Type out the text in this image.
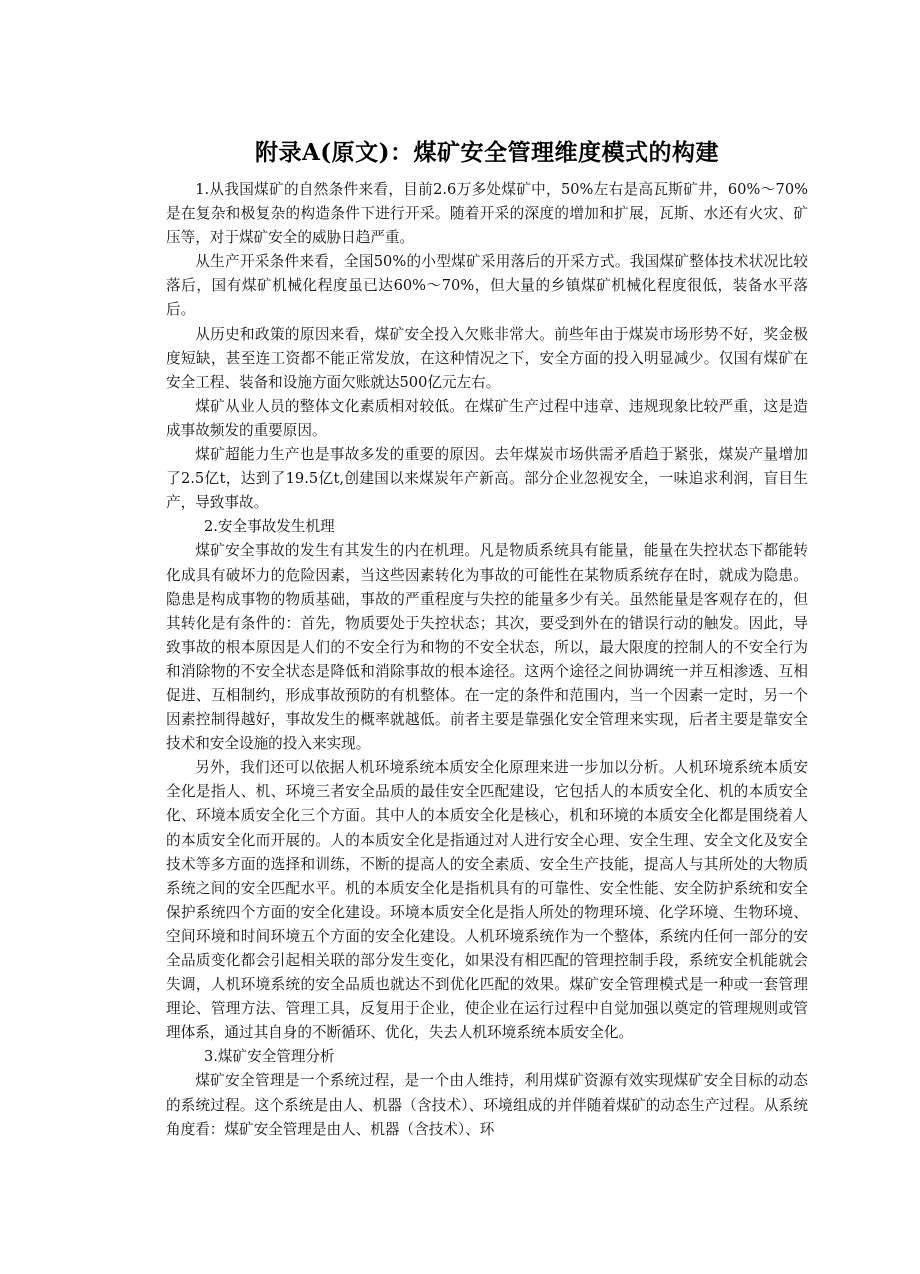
附录A(原文)：煤矿安全管理维度模式的构建

1.从我国煤矿的自然条件来看，目前2.6万多处煤矿中，50%左右是高瓦斯矿井，60%～70%是在复杂和极复杂的构造条件下进行开采。随着开采的深度的增加和扩展，瓦斯、水还有火灾、矿压等，对于煤矿安全的威胁日趋严重。

从生产开采条件来看，全国50%的小型煤矿采用落后的开采方式。我国煤矿整体技术状况比较落后，国有煤矿机械化程度虽已达60%～70%，但大量的乡镇煤矿机械化程度很低，装备水平落后。

从历史和政策的原因来看，煤矿安全投入欠账非常大。前些年由于煤炭市场形势不好，奖金极度短缺，甚至连工资都不能正常发放，在这种情况之下，安全方面的投入明显减少。仅国有煤矿在安全工程、装备和设施方面欠账就达500亿元左右。

煤矿从业人员的整体文化素质相对较低。在煤矿生产过程中违章、违规现象比较严重，这是造成事故频发的重要原因。

煤矿超能力生产也是事故多发的重要的原因。去年煤炭市场供需矛盾趋于紧张，煤炭产量增加了2.5亿t，达到了19.5亿t,创建国以来煤炭年产新高。部分企业忽视安全，一味追求利润，盲目生产，导致事故。

2.安全事故发生机理

煤矿安全事故的发生有其发生的内在机理。凡是物质系统具有能量，能量在失控状态下都能转化成具有破坏力的危险因素，当这些因素转化为事故的可能性在某物质系统存在时，就成为隐患。隐患是构成事物的物质基础，事故的严重程度与失控的能量多少有关。虽然能量是客观存在的，但其转化是有条件的：首先，物质要处于失控状态；其次，要受到外在的错误行动的触发。因此，导致事故的根本原因是人们的不安全行为和物的不安全状态，所以，最大限度的控制人的不安全行为和消除物的不安全状态是降低和消除事故的根本途径。这两个途径之间协调统一并互相渗透、互相促进、互相制约，形成事故预防的有机整体。在一定的条件和范围内，当一个因素一定时，另一个因素控制得越好，事故发生的概率就越低。前者主要是靠强化安全管理来实现，后者主要是靠安全技术和安全设施的投入来实现。

另外，我们还可以依据人机环境系统本质安全化原理来进一步加以分析。人机环境系统本质安全化是指人、机、环境三者安全品质的最佳安全匹配建设，它包括人的本质安全化、机的本质安全化、环境本质安全化三个方面。其中人的本质安全化是核心，机和环境的本质安全化都是围绕着人的本质安全化而开展的。人的本质安全化是指通过对人进行安全心理、安全生理、安全文化及安全技术等多方面的选择和训练，不断的提高人的安全素质、安全生产技能，提高人与其所处的大物质系统之间的安全匹配水平。机的本质安全化是指机具有的可靠性、安全性能、安全防护系统和安全保护系统四个方面的安全化建设。环境本质安全化是指人所处的物理环境、化学环境、生物环境、空间环境和时间环境五个方面的安全化建设。人机环境系统作为一个整体，系统内任何一部分的安全品质变化都会引起相关联的部分发生变化，如果没有相匹配的管理控制手段，系统安全机能就会失调，人机环境系统的安全品质也就达不到优化匹配的效果。煤矿安全管理模式是一种或一套管理理论、管理方法、管理工具，反复用于企业，使企业在运行过程中自觉加强以奠定的管理规则或管理体系，通过其自身的不断循环、优化，失去人机环境系统本质安全化。

3.煤矿安全管理分析

煤矿安全管理是一个系统过程，是一个由人维持，利用煤矿资源有效实现煤矿安全目标的动态的系统过程。这个系统是由人、机器（含技术）、环境组成的并伴随着煤矿的动态生产过程。从系统角度看：煤矿安全管理是由人、机器（含技术）、环
